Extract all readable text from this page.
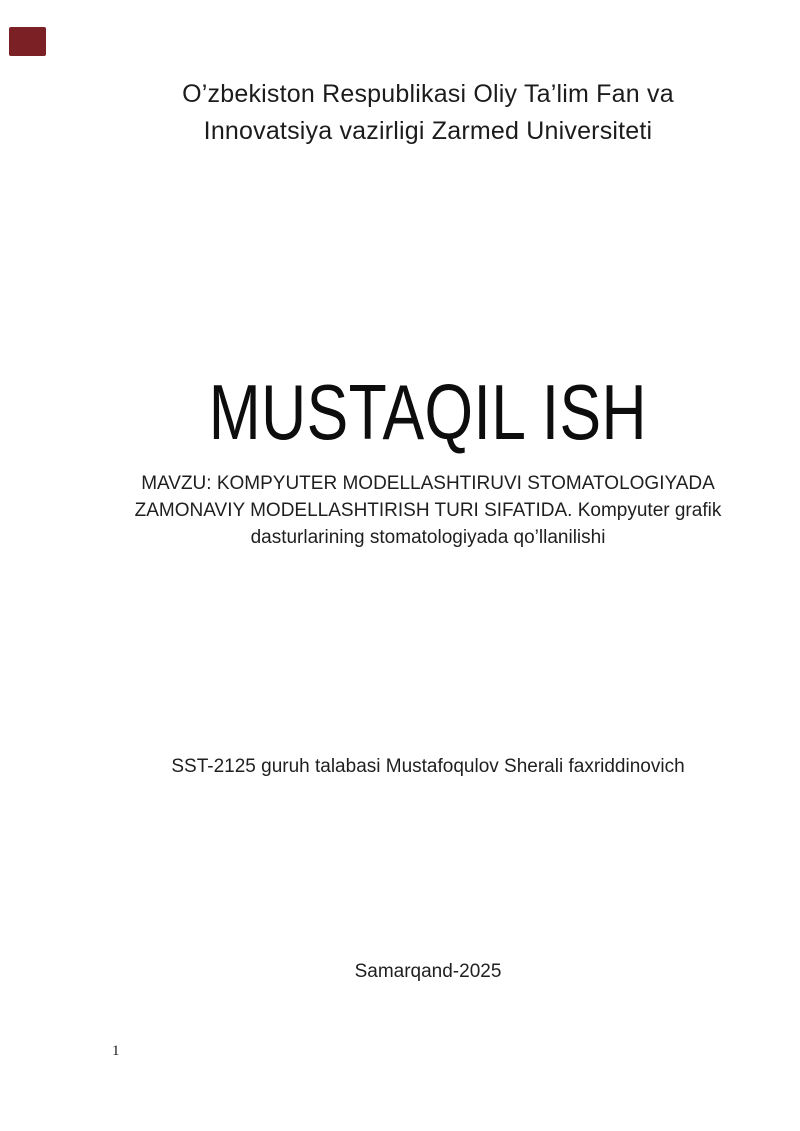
O’zbekiston Respublikasi Oliy Ta’lim Fan va
Innovatsiya vazirligi Zarmed Universiteti
MUSTAQIL ISH
MAVZU: KOMPYUTER MODELLASHTIRUVI STOMATOLOGIYADA
ZAMONAVIY MODELLASHTIRISH TURI SIFATIDA. Kompyuter grafik
dasturlarining stomatologiyada qo’llanilishi
SST-2125 guruh talabasi Mustafoqulov Sherali faxriddinovich
Samarqand-2025
1
